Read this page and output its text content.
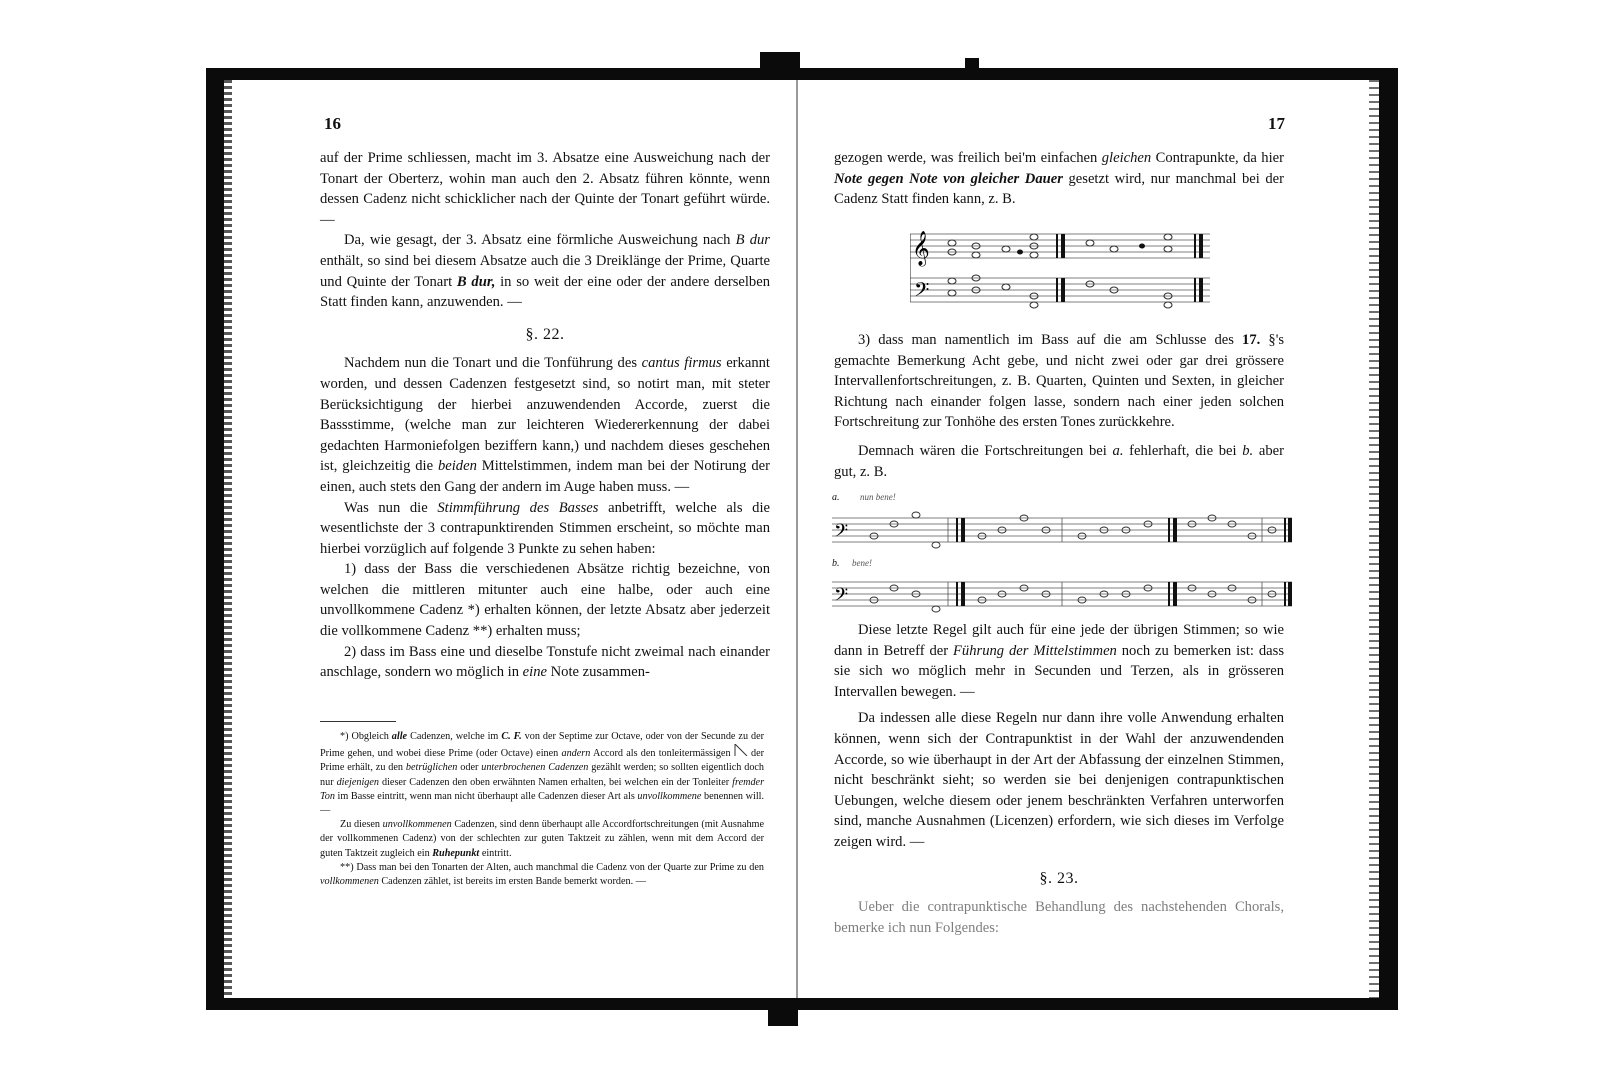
16

auf der Prime schliessen, macht im 3. Absatze eine Ausweichung nach der Tonart der Oberterz, wohin man auch den 2. Absatz führen könnte, wenn dessen Cadenz nicht schicklicher nach der Quinte der Tonart geführt würde. —

Da, wie gesagt, der 3. Absatz eine förmliche Ausweichung nach B dur enthält, so sind bei diesem Absatze auch die 3 Dreiklänge der Prime, Quarte und Quinte der Tonart B dur, in so weit der eine oder der andere derselben Statt finden kann, anzuwenden. —

§. 22.

Nachdem nun die Tonart und die Tonführung des cantus firmus erkannt worden, und dessen Cadenzen festgesetzt sind, so notirt man, mit steter Berücksichtigung der hierbei anzuwendenden Accorde, zuerst die Bassstimme, (welche man zur leichteren Wiedererkennung der dabei gedachten Harmoniefolgen beziffern kann,) und nachdem dieses geschehen ist, gleichzeitig die beiden Mittelstimmen, indem man bei der Notirung der einen, auch stets den Gang der andern im Auge haben muss. —

Was nun die Stimmführung des Basses anbetrifft, welche als die wesentlichste der 3 contrapunktirenden Stimmen erscheint, so möchte man hierbei vorzüglich auf folgende 3 Punkte zu sehen haben:

1) dass der Bass die verschiedenen Absätze richtig bezeichne, von welchen die mittleren mitunter auch eine halbe, oder auch eine unvollkommene Cadenz *) erhalten können, der letzte Absatz aber jederzeit die vollkommene Cadenz **) erhalten muss;

2) dass im Bass eine und dieselbe Tonstufe nicht zweimal nach einander anschlage, sondern wo möglich in eine Note zusammen-

*) Obgleich alle Cadenzen, welche im C. F. von der Septime zur Octave, oder von der Secunde zu der Prime gehen, und wobei diese Prime (oder Octave) einen andern Accord als den tonleitermässigen der Prime erhält, zu den betrüglichen oder unterbrochenen Cadenzen gezählt werden; so sollten eigentlich doch nur diejenigen dieser Cadenzen den oben erwähnten Namen erhalten, bei welchen ein der Tonleiter fremder Ton im Basse eintritt, wenn man nicht überhaupt alle Cadenzen dieser Art als unvollkommene benennen will. —

Zu diesen unvollkommenen Cadenzen, sind denn überhaupt alle Accordfortschreitungen (mit Ausnahme der vollkommenen Cadenz) von der schlechten zur guten Taktzeit zu zählen, wenn mit dem Accord der guten Taktzeit zugleich ein Ruhepunkt eintritt.

**) Dass man bei den Tonarten der Alten, auch manchmal die Cadenz von der Quarte zur Prime zu den vollkommenen Cadenzen zählet, ist bereits im ersten Bande bemerkt worden. —

17

gezogen werde, was freilich bei'm einfachen gleichen Contrapunkte, da hier Note gegen Note von gleicher Dauer gesetzt wird, nur manchmal bei der Cadenz Statt finden kann, z. B.

𝄞
𝄢

3) dass man namentlich im Bass auf die am Schlusse des 17. §'s gemachte Bemerkung Acht gebe, und nicht zwei oder gar drei grössere Intervallenfortschreitungen, z. B. Quarten, Quinten und Sexten, in gleicher Richtung nach einander folgen lasse, sondern nach einer jeden solchen Fortschreitung zur Tonhöhe des ersten Tones zurückkehre.

Demnach wären die Fortschreitungen bei a. fehlerhaft, die bei b. aber gut, z. B.

a. nun bene!
𝄢
b. bene!
𝄢

Diese letzte Regel gilt auch für eine jede der übrigen Stimmen; so wie dann in Betreff der Führung der Mittelstimmen noch zu bemerken ist: dass sie sich wo möglich mehr in Secunden und Terzen, als in grösseren Intervallen bewegen. —

Da indessen alle diese Regeln nur dann ihre volle Anwendung erhalten können, wenn sich der Contrapunktist in der Wahl der anzuwendenden Accorde, so wie überhaupt in der Art der Abfassung der einzelnen Stimmen, nicht beschränkt sieht; so werden sie bei denjenigen contrapunktischen Uebungen, welche diesem oder jenem beschränkten Verfahren unterworfen sind, manche Ausnahmen (Licenzen) erfordern, wie sich dieses im Verfolge zeigen wird. —

§. 23.

Ueber die contrapunktische Behandlung des nachstehenden Chorals, bemerke ich nun Folgendes:
